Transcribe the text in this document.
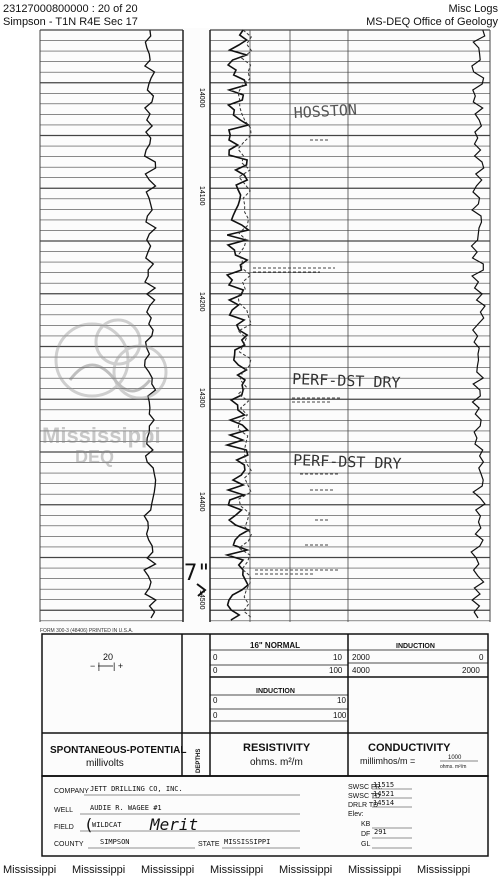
23127000800000 : 20 of 20
Simpson - T1N R4E Sec 17
Misc Logs
MS-DEQ Office of Geology
14000
14100
14200
14300
14400
14500
Mississippi
DEQ
HOSSTON
PERF-DST DRY
PERF-DST DRY
7"
FORM 300-3 (48406) PRINTED IN U.S.A.
20
− | | +
16" NORMAL
0	10
0	100
2000	0
4000	2000
INDUCTION
INDUCTION
0	10
0	100
SPONTANEOUS-POTENTIAL
millivolts	DEPTHS
RESISTIVITY
ohms. m²/m
CONDUCTIVITY
millimhos/m =	1000
ohms. m²/m
COMPANY JETT DRILLING CO, INC.
WELL AUDIE R. WAGEE #1
FIELD (
WILDCAT Merit
COUNTY SIMPSON	STATE MISSISSIPPI
SWSC FR.
11515
SWSC TD
14521
DRLR TD
14514
Elev:
KB
DF 291
GL
Mississippi Mississippi Mississippi Mississippi Mississippi Mississippi Mississippi
